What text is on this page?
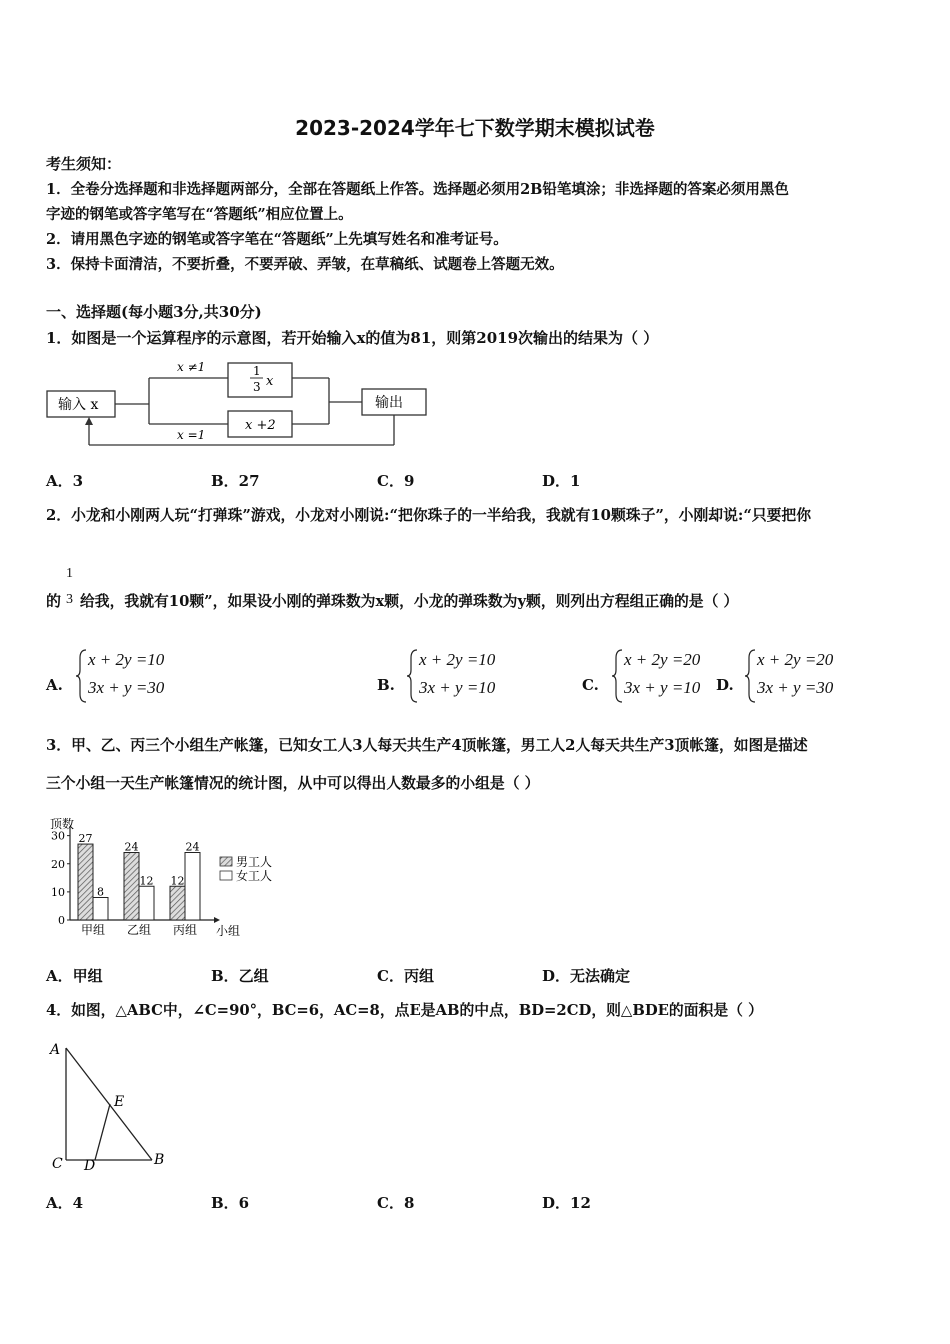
2023-2024学年七下数学期末模拟试卷
考生须知：
1．全卷分选择题和非选择题两部分，全部在答题纸上作答。选择题必须用2B铅笔填涂；非选择题的答案必须用黑色
字迹的钢笔或答字笔写在“答题纸”相应位置上。
2．请用黑色字迹的钢笔或答字笔在“答题纸”上先填写姓名和准考证号。
3．保持卡面清洁，不要折叠，不要弄破、弄皱，在草稿纸、试题卷上答题无效。
一、选择题(每小题3分,共30分)
1．如图是一个运算程序的示意图，若开始输入x的值为81，则第2019次输出的结果为（ ）
输入 x	输出
x ≠1
x =1
1
3 x
x +2
A．3	B．27	C．9	D．1
2．小龙和小刚两人玩“打弹珠”游戏，小龙对小刚说:“把你珠子的一半给我，我就有10颗珠子”，小刚却说:“只要把你
的
1
3 给我，我就有10颗”，如果设小刚的弹珠数为x颗，小龙的弹珠数为y颗，则列出方程组正确的是（ ）
A.
x + 2y =10
3x + y =30	B.
x + 2y =10
3x + y =10	C.
x + 2y =20
3x + y =10 D.
x + 2y =20
3x + y =30
3．甲、乙、丙三个小组生产帐篷，已知女工人3人每天共生产4顶帐篷，男工人2人每天共生产3顶帐篷，如图是描述
三个小组一天生产帐篷情况的统计图，从中可以得出人数最多的小组是（ ）
0
10
20
30 27
8
甲组
24
12
乙组
12
24
丙组
顶数
小组
男工人
女工人
A．甲组	B．乙组	C．丙组	D．无法确定
4．如图，△ABC中，∠C=90°，BC=6，AC=8，点E是AB的中点，BD=2CD，则△BDE的面积是（ ）
A
C D	B
E
A．4	B．6	C．8	D．12
